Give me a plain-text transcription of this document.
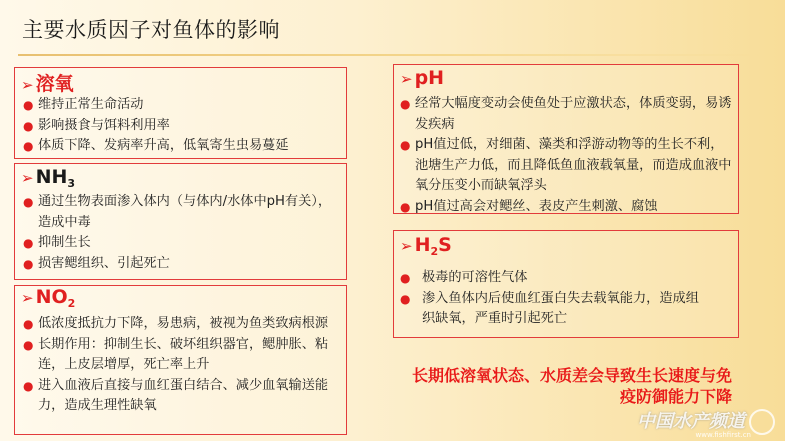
主要水质因子对鱼体的影响
➢ 溶氧
● 维持正常生命活动
● 影响摄食与饵料利用率
● 体质下降、发病率升高，低氧寄生虫易蔓延
➢ $NH_3$
● 通过生物表面渗入体内（与体内/水体中pH有关），造成中毒
● 抑制生长
● 损害鳃组织、引起死亡
➢ $NO_2$
● 低浓度抵抗力下降，易患病，被视为鱼类致病根源
● 长期作用：抑制生长、破坏组织器官，鳃肿胀、粘连，上皮层增厚，死亡率上升
● 进入血液后直接与血红蛋白结合、减少血氧输送能力，造成生理性缺氧
➢ pH
● 经常大幅度变动会使鱼处于应激状态，体质变弱，易诱发疾病
● pH值过低，对细菌、藻类和浮游动物等的生长不利，池塘生产力低，而且降低鱼血液载氧量，而造成血液中氧分压变小而缺氧浮头
● pH值过高会对鳃丝、表皮产生刺激、腐蚀
➢ $H_2S$
● 极毒的可溶性气体
● 渗入鱼体内后使血红蛋白失去载氧能力，造成组织缺氧，严重时引起死亡
长期低溶氧状态、水质差会导致生长速度与免疫防御能力下降
中国水产频道
www.fishfirst.cn
